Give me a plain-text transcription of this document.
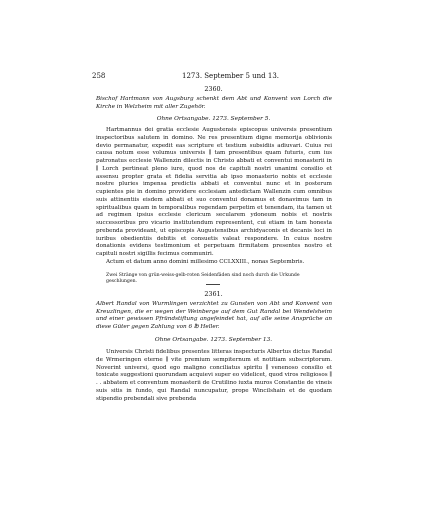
258	1273. September 5 und 13.
2360.
Bischof Hartmann von Augsburg schenkt dem Abt und Konvent von Lorch die Kirche in Welzheim mit aller Zugehör.
Ohne Ortsangabe. 1273. September 5.

Hartmannus dei gratia ecclesie Augustensis episcopus universis presentium inspectoribus salutem in domino. Ne res presentium digne memorija oblivionis devio permanatur, expedit eas scripture et testium subsidiis adiuvari. Cuius rei causa notum esse volumus universis ∥ tam presentibus quam futuris, cum ius patronatus ecclesie Wallenzin dilectis in Christo abbati et conventui monasterii in ∥ Lorch pertineat pleno iure, quod nos de capituli nostri unanimi consilio et assensu propter grata et fidelia servitia ab ipso monasterio nobis et ecclesie nostre pluries impensa predictis abbati et conventui nunc et in posterum cupientes pie in domino providere ecclesiam antedictam Wallenzin cum omnibus suis attinentiis eisdem abbati et suo conventui donamus et donavimus tam in spiritualibus quam in temporalibus regendam perpetim et tenendam, ita tamen ut ad regimen ipsius ecclesie clericum secularem ydoneum nobis et nostris successoribus pro vicario institutendum representent, cui etiam in tam honesta prebenda provideant, ut episcopis Augustensibus archidyaconis et decanis loci in iuribus obedientiis debitis et consuetis valeat respondere. In cuius nostre donationis evidens testimonium et perpetuam firmitatem presentes nostro et capituli nostri sigillis fecimus communiri.

Actum et datum anno domini millesimo CCLXXIII., nonas Septembris.

Zwei Stränge von grün-weiss-gelb-roten Seidenfäden sind noch durch die Urkunde geschlungen.
2361.
Albert Randal von Wurmlingen verzichtet zu Gunsten von Abt und Konvent von Kreuzlingen, die er wegen der Weinberge auf dem Gut Randal bei Wendelsheim und einer gewissen Pfründstiftung angefeindet hat, auf alle seine Ansprüche an diese Güter gegen Zahlung von 6 ℔ Heller.
Ohne Ortsangabe. 1273. September 13.

Universis Christi fidelibus presentes litteras inspecturis Albertus dictus Randal de Wrmeringen eterne ∥ vite premium sempiternum et notitiam subscriptorum. Noverint universi, quod ego maligno conciliatus spiritu ∥ venenoso consilio et toxicate suggestioni quorundam acquievi super eo videlicet, quod viros religiosos ∥ . . abbatem et conventum monasterii de Crutilino iuxta muros Constantie de vineis suis sitis in fundo, qui Randal nuncupatur, prope Wincilshain et de quodam stipendio prebendali sive prebenda
